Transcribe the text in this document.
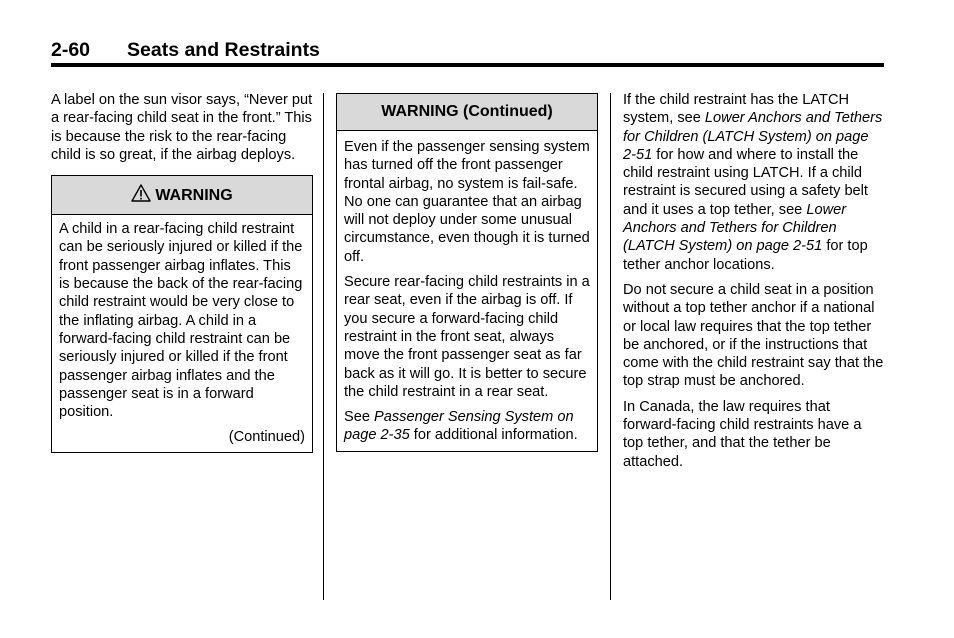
2-60 Seats and Restraints

A label on the sun visor says, “Never put a rear-facing child seat in the front.” This is because the risk to the rear-facing child is so great, if the airbag deploys.

WARNING

A child in a rear-facing child restraint can be seriously injured or killed if the front passenger airbag inflates. This is because the back of the rear-facing child restraint would be very close to the inflating airbag. A child in a forward-facing child restraint can be seriously injured or killed if the front passenger airbag inflates and the passenger seat is in a forward position.

(Continued)
WARNING (Continued)

Even if the passenger sensing system has turned off the front passenger frontal airbag, no system is fail-safe. No one can guarantee that an airbag will not deploy under some unusual circumstance, even though it is turned off.

Secure rear-facing child restraints in a rear seat, even if the airbag is off. If you secure a forward-facing child restraint in the front seat, always move the front passenger seat as far back as it will go. It is better to secure the child restraint in a rear seat.

See Passenger Sensing System on page 2-35 for additional information.

If the child restraint has the LATCH system, see Lower Anchors and Tethers for Children (LATCH System) on page 2-51 for how and where to install the child restraint using LATCH. If a child restraint is secured using a safety belt and it uses a top tether, see Lower Anchors and Tethers for Children (LATCH System) on page 2-51 for top tether anchor locations.

Do not secure a child seat in a position without a top tether anchor if a national or local law requires that the top tether be anchored, or if the instructions that come with the child restraint say that the top strap must be anchored.

In Canada, the law requires that forward-facing child restraints have a top tether, and that the tether be attached.
